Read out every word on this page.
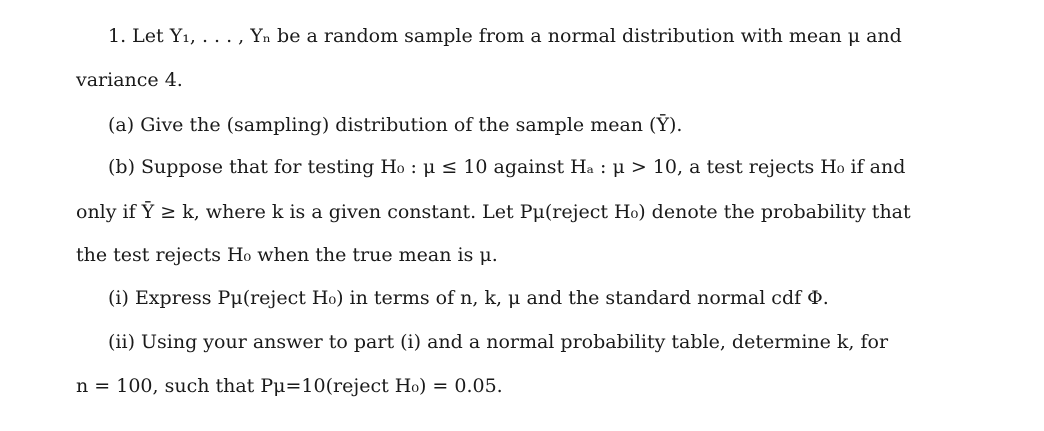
1. Let Y₁, . . . , Yₙ be a random sample from a normal distribution with mean μ and
variance 4.
(a) Give the (sampling) distribution of the sample mean (Ȳ).
(b) Suppose that for testing H₀ : μ ≤ 10 against Hₐ : μ > 10, a test rejects H₀ if and
only if Ȳ ≥ k, where k is a given constant. Let Pμ(reject H₀) denote the probability that
the test rejects H₀ when the true mean is μ.
(i) Express Pμ(reject H₀) in terms of n, k, μ and the standard normal cdf Φ.
(ii) Using your answer to part (i) and a normal probability table, determine k, for
n = 100, such that Pμ=10(reject H₀) = 0.05.
